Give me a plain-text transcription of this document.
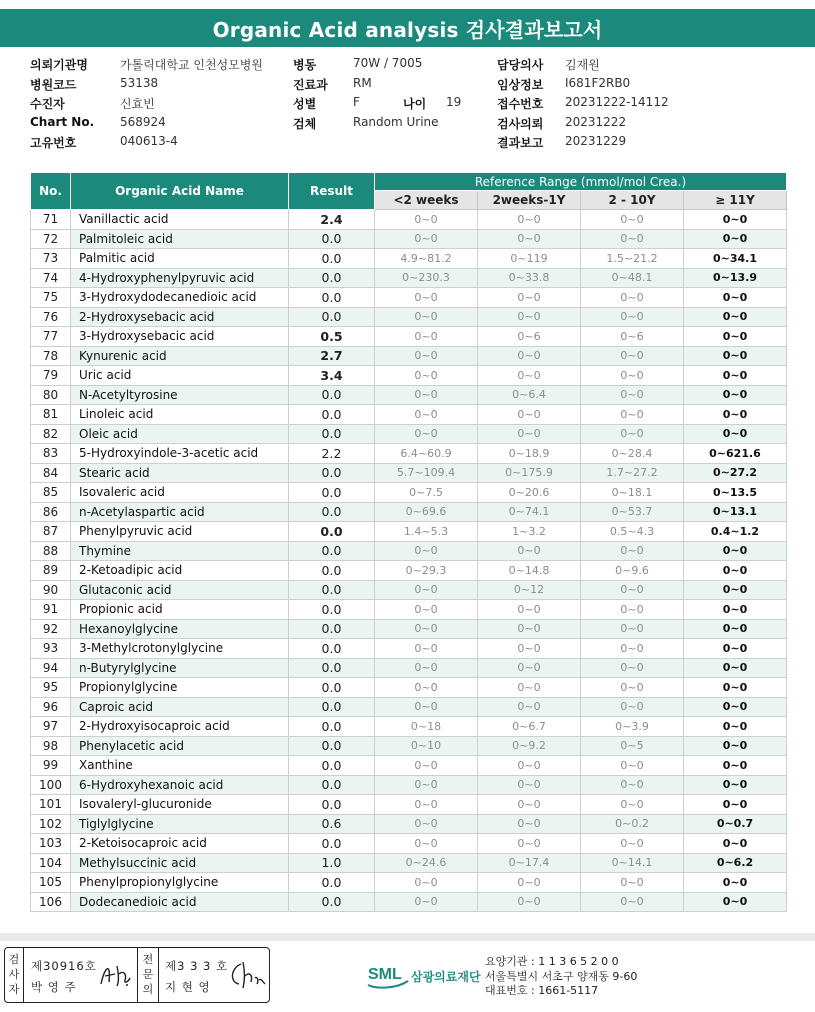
Organic Acid analysis 검사결과보고서
의뢰기관명	가톨릭대학교 인천성모병원	병동	70W / 7005	담당의사 김재원
병원코드	53138	진료과 RM	임상정보 I681F2RB0
수진자	신효빈	성별	F	나이 19	접수번호 20231222-14112
Chart No. 568924	검체	Random Urine	검사의뢰 20231222
고유번호	040613-4	결과보고 20231229
No.	Organic Acid Name	Result	Reference Range (mmol/mol Crea.)			
			<2 weeks	2weeks-1Y	2 - 10Y	≥ 11Y
71	Vanillactic acid	2.4	0~0	0~0	0~0	0~0
72	Palmitoleic acid	0.0	0~0	0~0	0~0	0~0
73	Palmitic acid	0.0	4.9~81.2	0~119	1.5~21.2	0~34.1
74	4-Hydroxyphenylpyruvic acid	0.0	0~230.3	0~33.8	0~48.1	0~13.9
75	3-Hydroxydodecanedioic acid	0.0	0~0	0~0	0~0	0~0
76	2-Hydroxysebacic acid	0.0	0~0	0~0	0~0	0~0
77	3-Hydroxysebacic acid	0.5	0~0	0~6	0~6	0~0
78	Kynurenic acid	2.7	0~0	0~0	0~0	0~0
79	Uric acid	3.4	0~0	0~0	0~0	0~0
80	N-Acetyltyrosine	0.0	0~0	0~6.4	0~0	0~0
81	Linoleic acid	0.0	0~0	0~0	0~0	0~0
82	Oleic acid	0.0	0~0	0~0	0~0	0~0
83	5-Hydroxyindole-3-acetic acid	2.2	6.4~60.9	0~18.9	0~28.4	0~621.6
84	Stearic acid	0.0	5.7~109.4	0~175.9	1.7~27.2	0~27.2
85	Isovaleric acid	0.0	0~7.5	0~20.6	0~18.1	0~13.5
86	n-Acetylaspartic acid	0.0	0~69.6	0~74.1	0~53.7	0~13.1
87	Phenylpyruvic acid	0.0	1.4~5.3	1~3.2	0.5~4.3	0.4~1.2
88	Thymine	0.0	0~0	0~0	0~0	0~0
89	2-Ketoadipic acid	0.0	0~29.3	0~14.8	0~9.6	0~0
90	Glutaconic acid	0.0	0~0	0~12	0~0	0~0
91	Propionic acid	0.0	0~0	0~0	0~0	0~0
92	Hexanoylglycine	0.0	0~0	0~0	0~0	0~0
93	3-Methylcrotonylglycine	0.0	0~0	0~0	0~0	0~0
94	n-Butyrylglycine	0.0	0~0	0~0	0~0	0~0
95	Propionylglycine	0.0	0~0	0~0	0~0	0~0
96	Caproic acid	0.0	0~0	0~0	0~0	0~0
97	2-Hydroxyisocaproic acid	0.0	0~18	0~6.7	0~3.9	0~0
98	Phenylacetic acid	0.0	0~10	0~9.2	0~5	0~0
99	Xanthine	0.0	0~0	0~0	0~0	0~0
100	6-Hydroxyhexanoic acid	0.0	0~0	0~0	0~0	0~0
101	Isovaleryl-glucuronide	0.0	0~0	0~0	0~0	0~0
102	Tiglylglycine	0.6	0~0	0~0	0~0.2	0~0.7
103	2-Ketoisocaproic acid	0.0	0~0	0~0	0~0	0~0
104	Methylsuccinic acid	1.0	0~24.6	0~17.4	0~14.1	0~6.2
105	Phenylpropionylglycine	0.0	0~0	0~0	0~0	0~0
106	Dodecanedioic acid	0.0	0~0	0~0	0~0	0~0
검사자
제30916호
박 영 주
전문의
제3 3 3 호
지 현 영
SML 삼광의료재단
요양기관 : 1 1 3 6 5 2 0 0
서울특별시 서초구 양재동 9-60
대표번호 : 1661-5117
